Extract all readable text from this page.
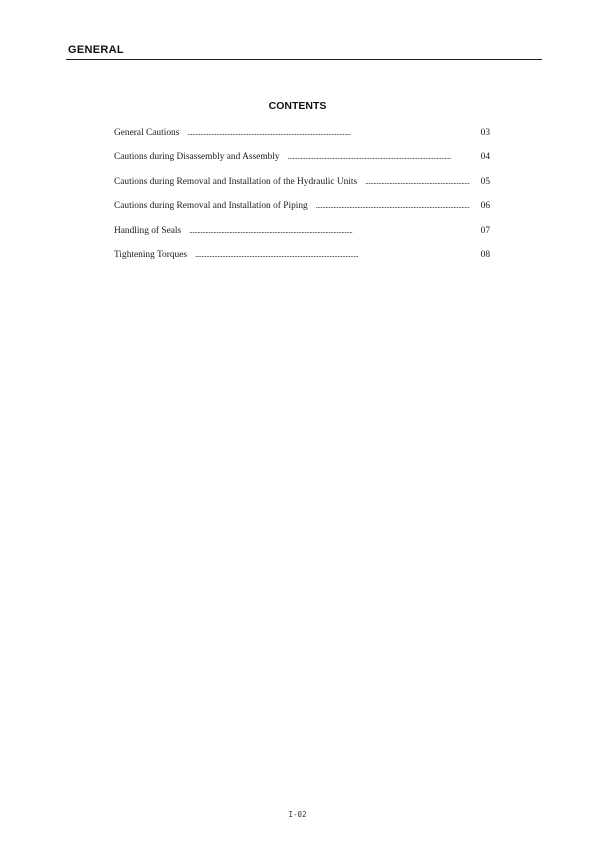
GENERAL
CONTENTS
General Cautions . . .	03
Cautions during Disassembly and Assembly . . .	04
Cautions during Removal and Installation of the Hydraulic Units . . .	05
Cautions during Removal and Installation of Piping . . .	06
Handling of Seals . . .	07
Tightening Torques . . .	08
I-02
